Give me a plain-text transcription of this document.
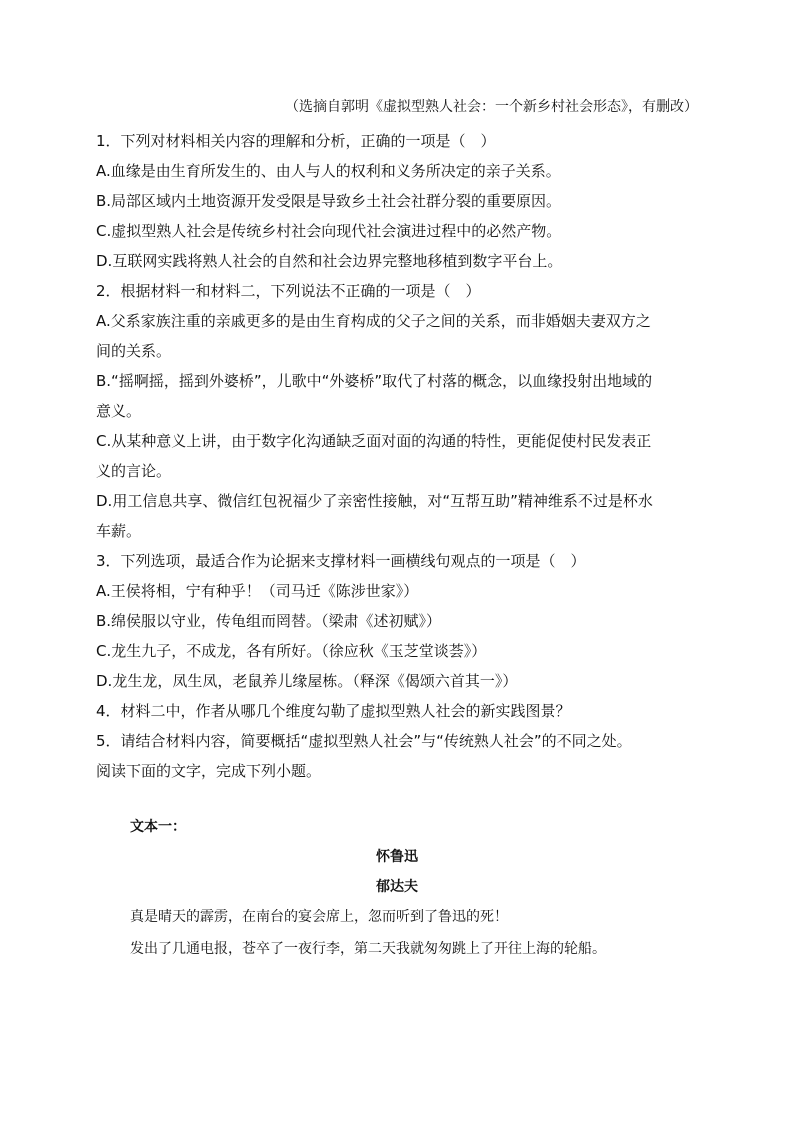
（选摘自郭明《虚拟型熟人社会：一个新乡村社会形态》，有删改）
1．下列对材料相关内容的理解和分析，正确的一项是（　）
A.血缘是由生育所发生的、由人与人的权利和义务所决定的亲子关系。
B.局部区域内土地资源开发受限是导致乡土社会社群分裂的重要原因。
C.虚拟型熟人社会是传统乡村社会向现代社会演进过程中的必然产物。
D.互联网实践将熟人社会的自然和社会边界完整地移植到数字平台上。
2．根据材料一和材料二，下列说法不正确的一项是（　）
A.父系家族注重的亲戚更多的是由生育构成的父子之间的关系，而非婚姻夫妻双方之
间的关系。
B.“摇啊摇，摇到外婆桥”，儿歌中“外婆桥”取代了村落的概念，以血缘投射出地域的
意义。
C.从某种意义上讲，由于数字化沟通缺乏面对面的沟通的特性，更能促使村民发表正
义的言论。
D.用工信息共享、微信红包祝福少了亲密性接触，对“互帮互助”精神维系不过是杯水
车薪。
3．下列选项，最适合作为论据来支撑材料一画横线句观点的一项是（　）
A.王侯将相，宁有种乎！（司马迁《陈涉世家》）
B.绵侯服以守业，传龟组而罔替。（梁肃《述初赋》）
C.龙生九子，不成龙，各有所好。（徐应秋《玉芝堂谈荟》）
D.龙生龙，凤生凤，老鼠养儿缘屋栋。（释深《偈颂六首其一》）
4．材料二中，作者从哪几个维度勾勒了虚拟型熟人社会的新实践图景？
5．请结合材料内容，简要概括“虚拟型熟人社会”与“传统熟人社会”的不同之处。
阅读下面的文字，完成下列小题。
文本一：
怀鲁迅
郁达夫
真是晴天的霹雳，在南台的宴会席上，忽而听到了鲁迅的死！
发出了几通电报，苍卒了一夜行李，第二天我就匆匆跳上了开往上海的轮船。
